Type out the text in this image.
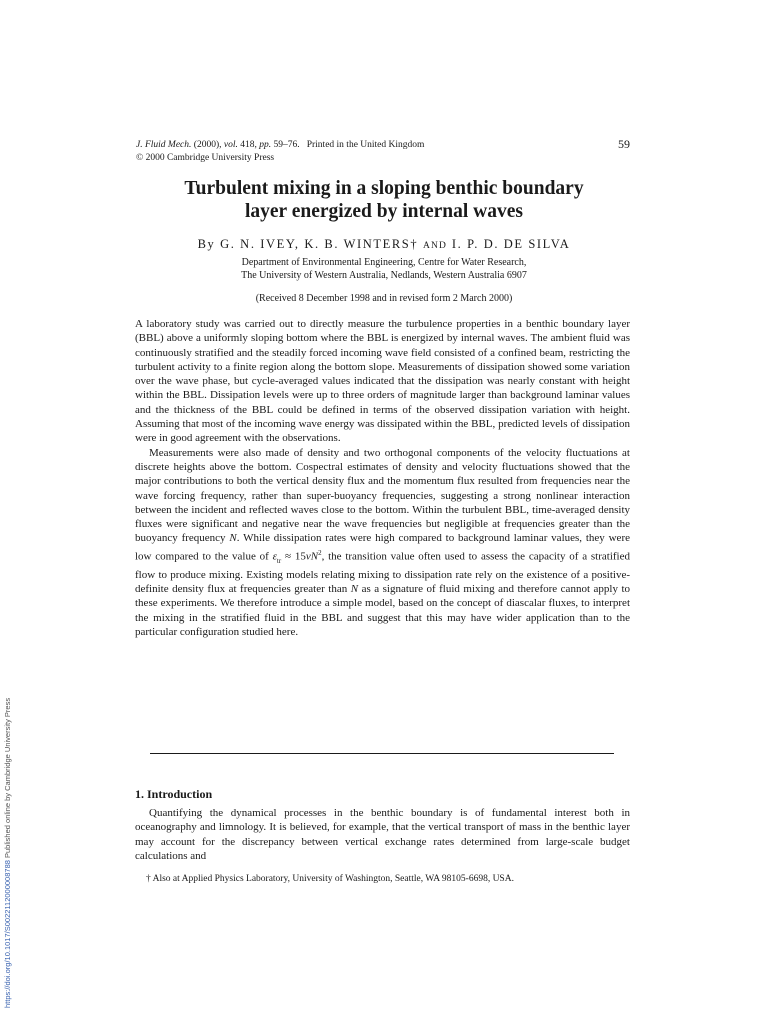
J. Fluid Mech. (2000), vol. 418, pp. 59–76. Printed in the United Kingdom	59
© 2000 Cambridge University Press
Turbulent mixing in a sloping benthic boundary
layer energized by internal waves
By G. N. IVEY, K. B. WINTERS† AND I. P. D. DE SILVA
Department of Environmental Engineering, Centre for Water Research,
The University of Western Australia, Nedlands, Western Australia 6907
(Received 8 December 1998 and in revised form 2 March 2000)

A laboratory study was carried out to directly measure the turbulence properties in a benthic boundary layer (BBL) above a uniformly sloping bottom where the BBL is energized by internal waves. The ambient fluid was continuously stratified and the steadily forced incoming wave field consisted of a confined beam, restricting the turbulent activity to a finite region along the bottom slope. Measurements of dissipation showed some variation over the wave phase, but cycle-averaged values indicated that the dissipation was nearly constant with height within the BBL. Dissipation levels were up to three orders of magnitude larger than background laminar values and the thickness of the BBL could be defined in terms of the observed dissipation variation with height. Assuming that most of the incoming wave energy was dissipated within the BBL, predicted levels of dissipation were in good agreement with the observations.

Measurements were also made of density and two orthogonal components of the velocity fluctuations at discrete heights above the bottom. Cospectral estimates of density and velocity fluctuations showed that the major contributions to both the vertical density flux and the momentum flux resulted from frequencies near the wave forcing frequency, rather than super-buoyancy frequencies, suggesting a strong nonlinear interaction between the incident and reflected waves close to the bottom. Within the turbulent BBL, time-averaged density fluxes were significant and negative near the wave frequencies but negligible at frequencies greater than the buoyancy frequency N. While dissipation rates were high compared to background laminar values, they were low compared to the value of $\varepsilon_{tr} \approx 15\nu N^2$, the transition value often used to assess the capacity of a stratified flow to produce mixing. Existing models relating mixing to dissipation rate rely on the existence of a positive-definite density flux at frequencies greater than N as a signature of fluid mixing and therefore cannot apply to these experiments. We therefore introduce a simple model, based on the concept of diascalar fluxes, to interpret the mixing in the stratified fluid in the BBL and suggest that this may have wider application than to the particular configuration studied here.

1. Introduction

Quantifying the dynamical processes in the benthic boundary is of fundamental interest both in oceanography and limnology. It is believed, for example, that the vertical transport of mass in the benthic layer may account for the discrepancy between vertical exchange rates determined from large-scale budget calculations and

† Also at Applied Physics Laboratory, University of Washington, Seattle, WA 98105-6698, USA.
https://doi.org/10.1017/S0022112000008788 Published online by Cambridge University Press
